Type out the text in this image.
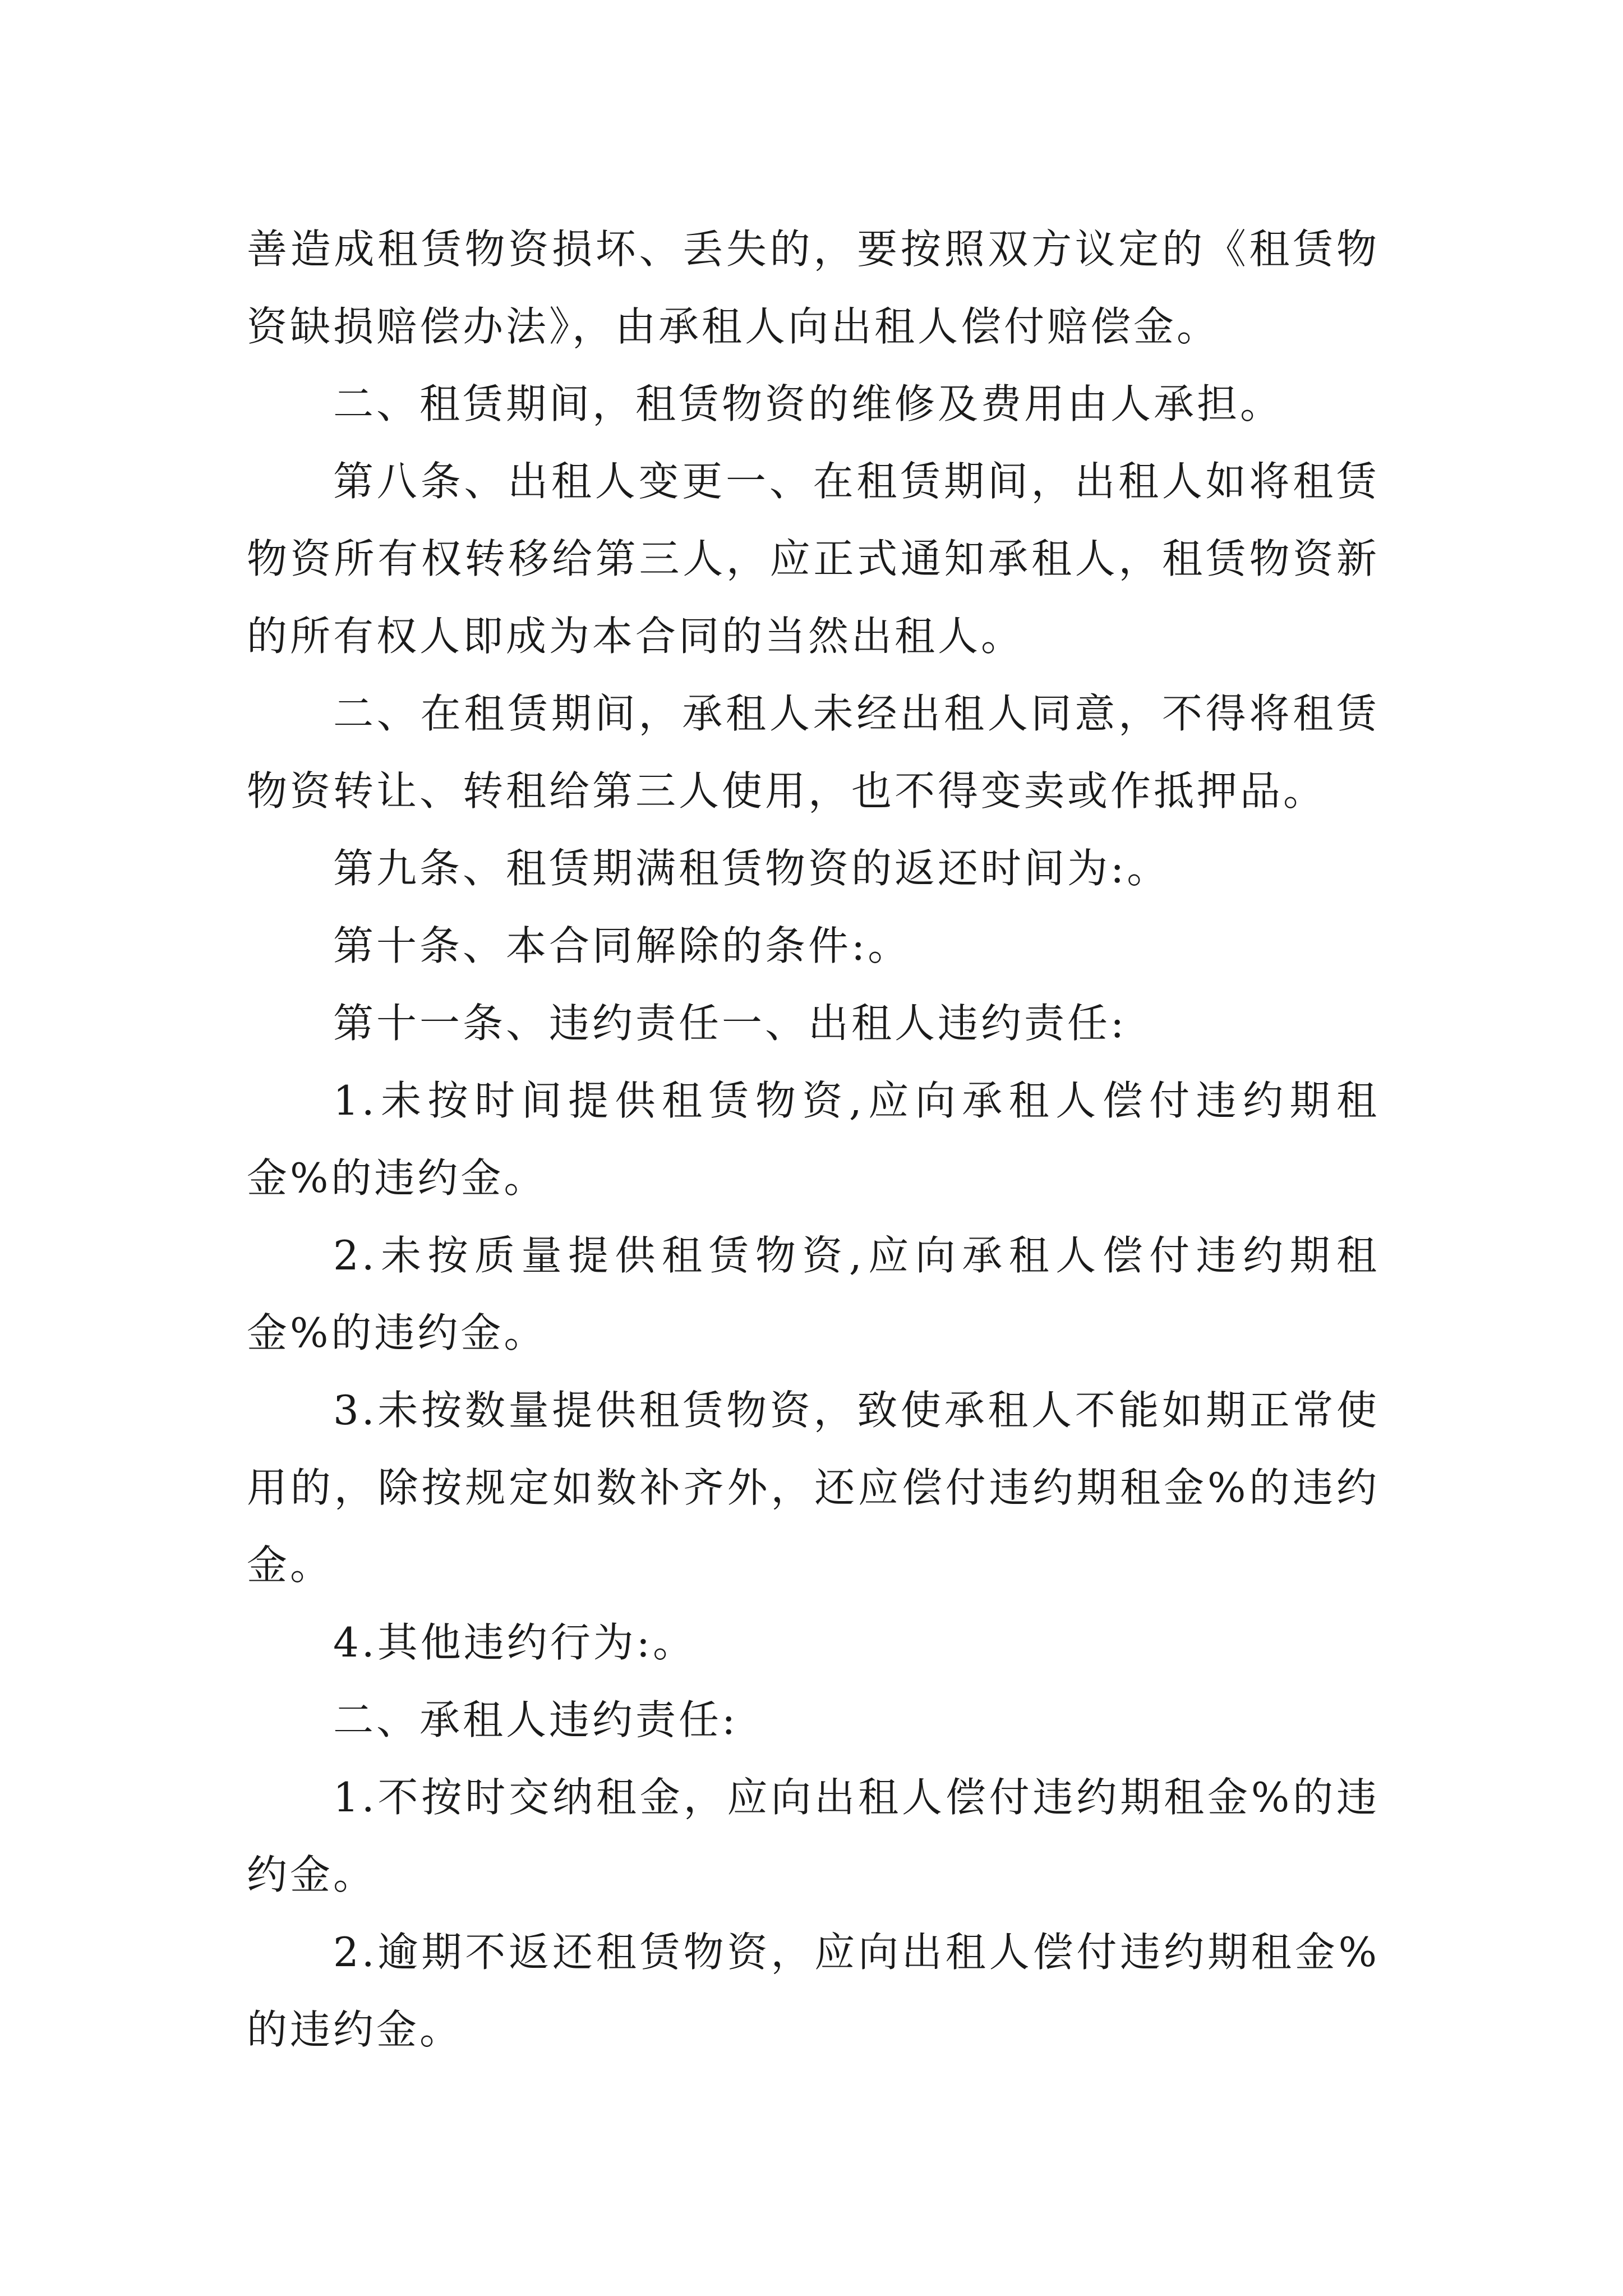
善造成租赁物资损坏、丢失的，要按照双方议定的《租赁物资缺损赔偿办法》，由承租人向出租人偿付赔偿金。

二、租赁期间，租赁物资的维修及费用由人承担。

第八条、出租人变更一、在租赁期间，出租人如将租赁物资所有权转移给第三人，应正式通知承租人，租赁物资新的所有权人即成为本合同的当然出租人。

二、在租赁期间，承租人未经出租人同意，不得将租赁物资转让、转租给第三人使用，也不得变卖或作抵押品。

第九条、租赁期满租赁物资的返还时间为:。

第十条、本合同解除的条件:。

第十一条、违约责任一、出租人违约责任:

1.未按时间提供租赁物资,应向承租人偿付违约期租金%的违约金。

2.未按质量提供租赁物资,应向承租人偿付违约期租金%的违约金。

3.未按数量提供租赁物资，致使承租人不能如期正常使用的，除按规定如数补齐外，还应偿付违约期租金%的违约金。

4.其他违约行为:。

二、承租人违约责任:

1.不按时交纳租金，应向出租人偿付违约期租金%的违约金。

2.逾期不返还租赁物资，应向出租人偿付违约期租金%的违约金。
